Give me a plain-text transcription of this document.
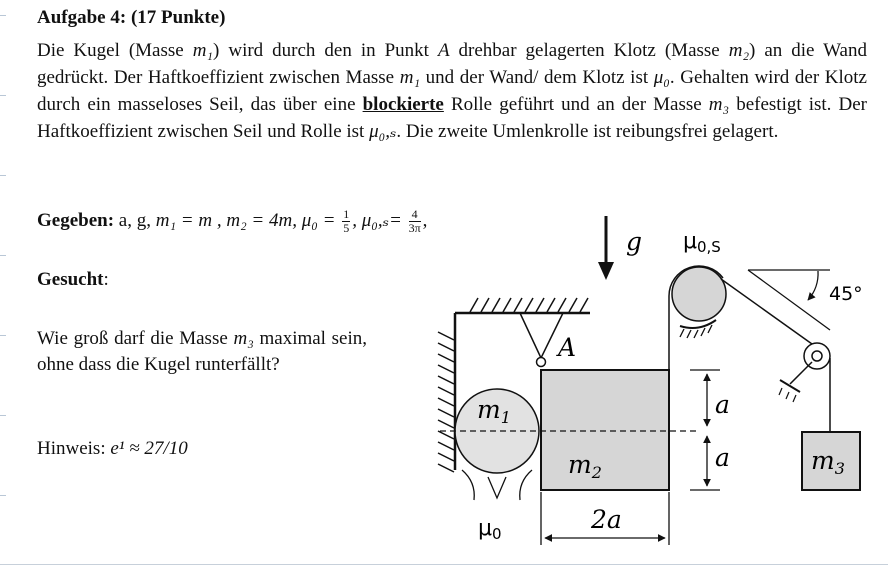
Aufgabe 4: (17 Punkte)
Die Kugel (Masse m₁) wird durch den in Punkt A drehbar gelagerten Klotz (Masse m₂) an die Wand gedrückt. Der Haftkoeffizient zwischen Masse m₁ und der Wand/ dem Klotz ist μ₀. Gehalten wird der Klotz durch ein masseloses Seil, das über eine blockierte Rolle geführt und an der Masse m₃ befestigt ist. Der Haftkoeffizient zwischen Seil und Rolle ist μ₀,ₛ. Die zweite Umlenkrolle ist reibungsfrei gelagert.
Gegeben: a, g, m₁ = m , m₂ = 4m, $\mu_0 = \frac{1}{5}$ , $\mu_0,_s= \frac{4}{3\pi}$ ,
Gesucht:
Wie groß darf die Masse m₃ maximal sein, ohne dass die Kugel runterfällt?
Hinweis: e¹ ≈ 27/10
g μ0,S
A
$m_2$
$m_1$
μ0
a
a
2a
45°
$m_3$
